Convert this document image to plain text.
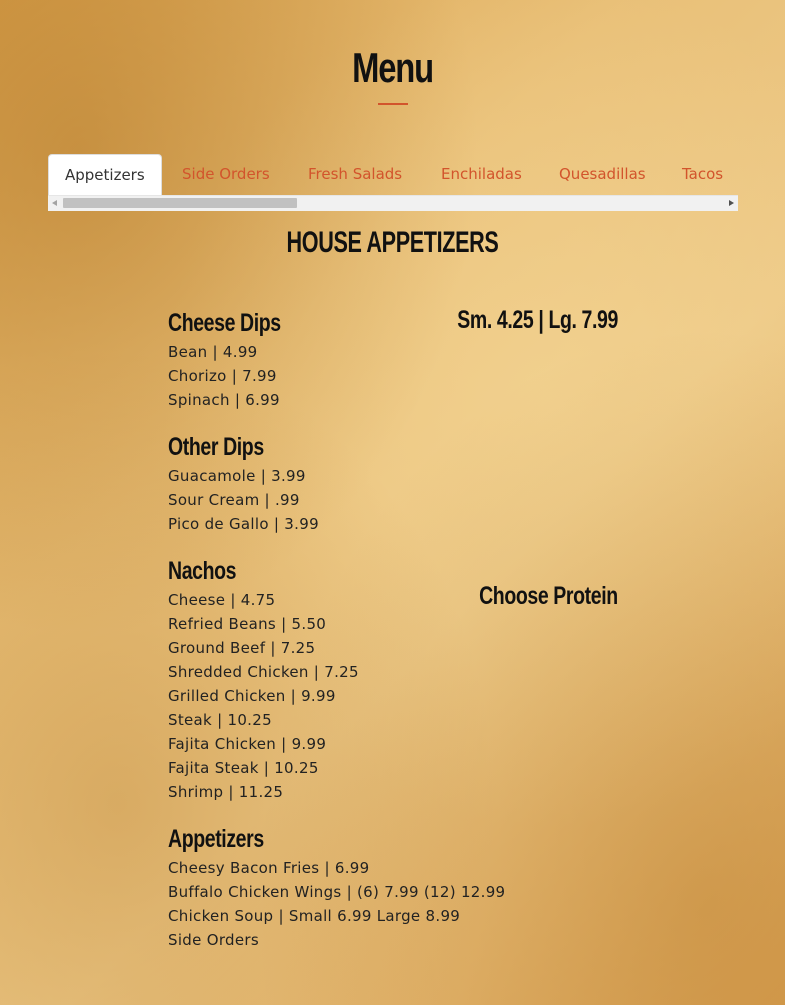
Menu
Appetizers	Side Orders	Fresh Salads	Enchiladas Quesadillas Tacos
HOUSE APPETIZERS
Sm. 4.25 | Lg. 7.99
Choose Protein
Cheese Dips
Bean | 4.99
Chorizo | 7.99
Spinach | 6.99
Other Dips
Guacamole | 3.99
Sour Cream | .99
Pico de Gallo | 3.99
Nachos
Cheese | 4.75
Refried Beans | 5.50
Ground Beef | 7.25
Shredded Chicken | 7.25
Grilled Chicken | 9.99
Steak | 10.25
Fajita Chicken | 9.99
Fajita Steak | 10.25
Shrimp | 11.25
Appetizers
Cheesy Bacon Fries | 6.99
Buffalo Chicken Wings | (6) 7.99 (12) 12.99
Chicken Soup | Small 6.99 Large 8.99
Side Orders
